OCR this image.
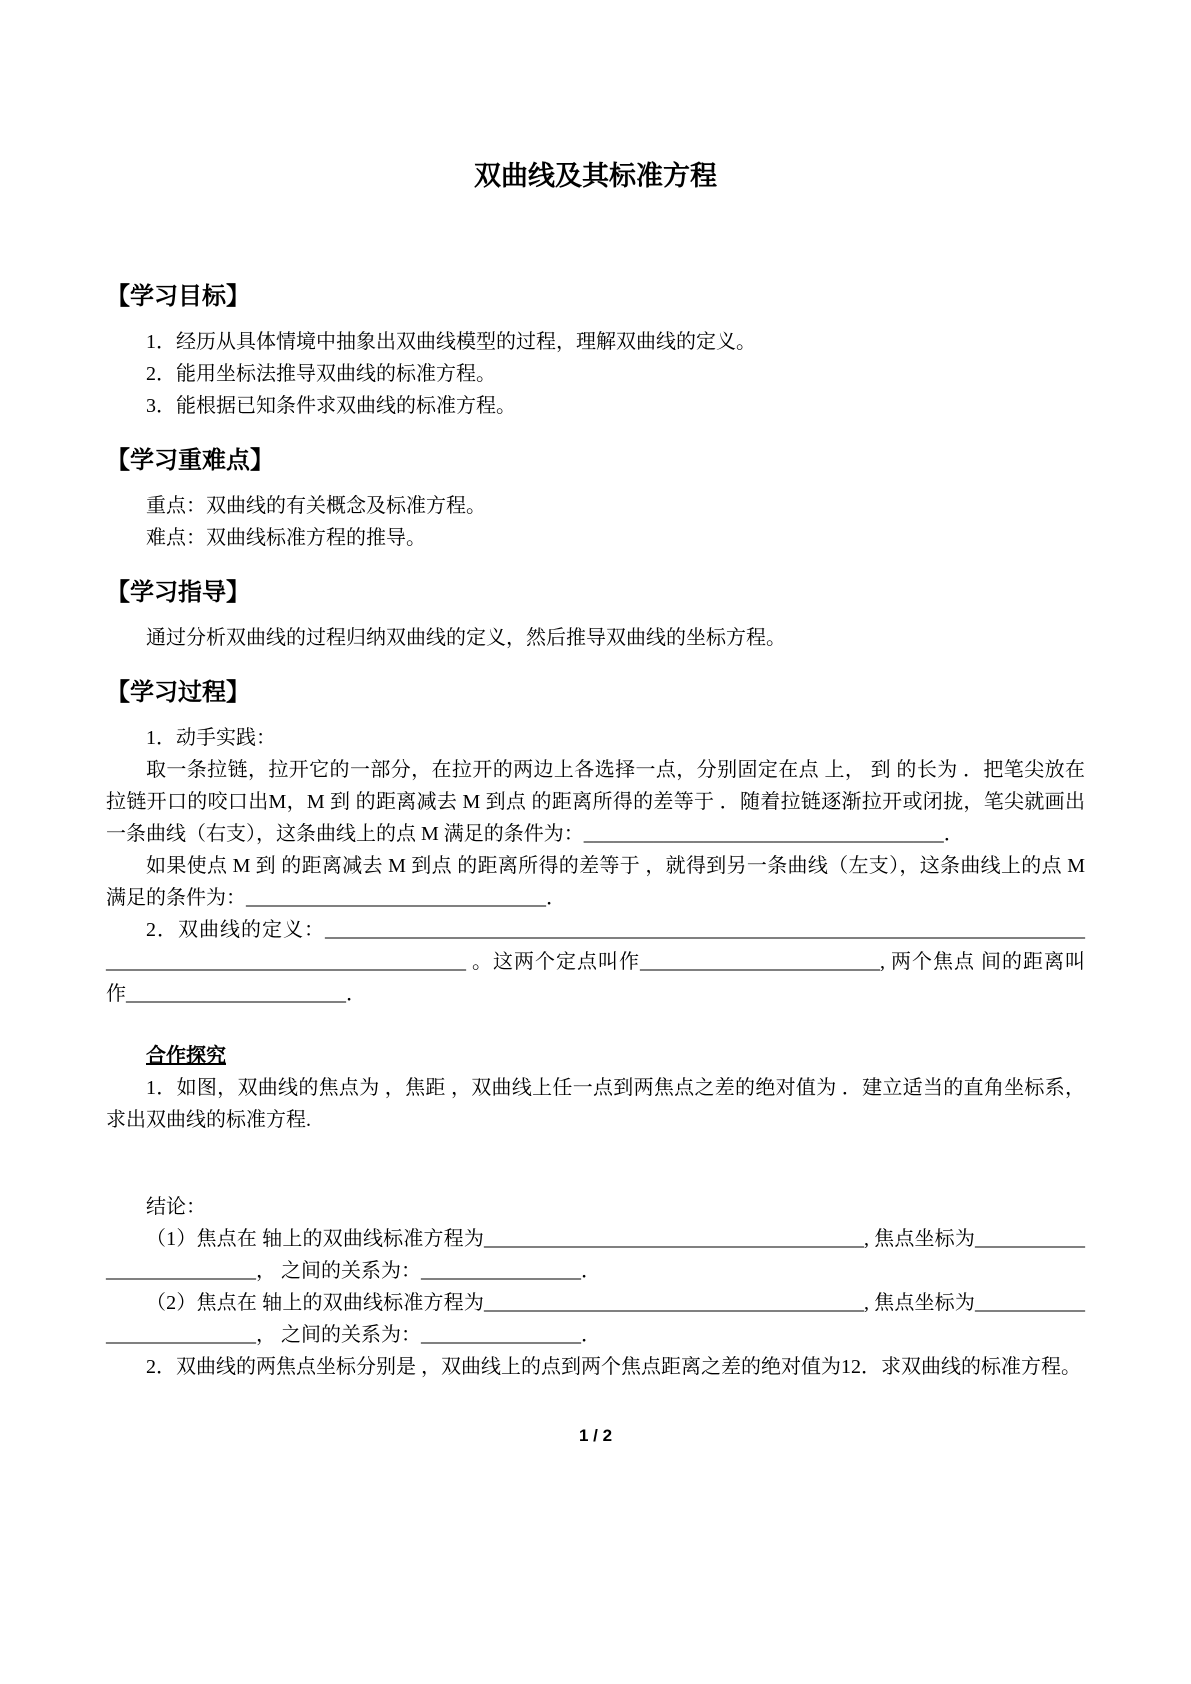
双曲线及其标准方程
【学习目标】

1．经历从具体情境中抽象出双曲线模型的过程，理解双曲线的定义。

2．能用坐标法推导双曲线的标准方程。

3．能根据已知条件求双曲线的标准方程。

【学习重难点】

重点：双曲线的有关概念及标准方程。

难点：双曲线标准方程的推导。

【学习指导】

通过分析双曲线的过程归纳双曲线的定义，然后推导双曲线的坐标方程。

【学习过程】

1．动手实践：

取一条拉链，拉开它的一部分，在拉开的两边上各选择一点，分别固定在点 上， 到 的长为 ．把笔尖放在拉链开口的咬口出M，M 到 的距离减去 M 到点 的距离所得的差等于 ．随着拉链逐渐拉开或闭拢，笔尖就画出一条曲线（右支），这条曲线上的点 M 满足的条件为：____________________________________．

如果使点 M 到 的距离减去 M 到点 的距离所得的差等于 ，就得到另一条曲线（左支），这条曲线上的点 M 满足的条件为：______________________________．

2．双曲线的定义：________________________________________________________________________________________________________________ 。这两个定点叫作________________________, 两个焦点 间的距离叫作______________________．

合作探究

1．如图，双曲线的焦点为 ，焦距 ，双曲线上任一点到两焦点之差的绝对值为 ．建立适当的直角坐标系，求出双曲线的标准方程.

结论：

（1）焦点在 轴上的双曲线标准方程为______________________________________, 焦点坐标为__________________________， 之间的关系为：________________．

（2）焦点在 轴上的双曲线标准方程为______________________________________, 焦点坐标为__________________________， 之间的关系为：________________．

2．双曲线的两焦点坐标分别是 ，双曲线上的点到两个焦点距离之差的绝对值为12．求双曲线的标准方程。

1 / 2
